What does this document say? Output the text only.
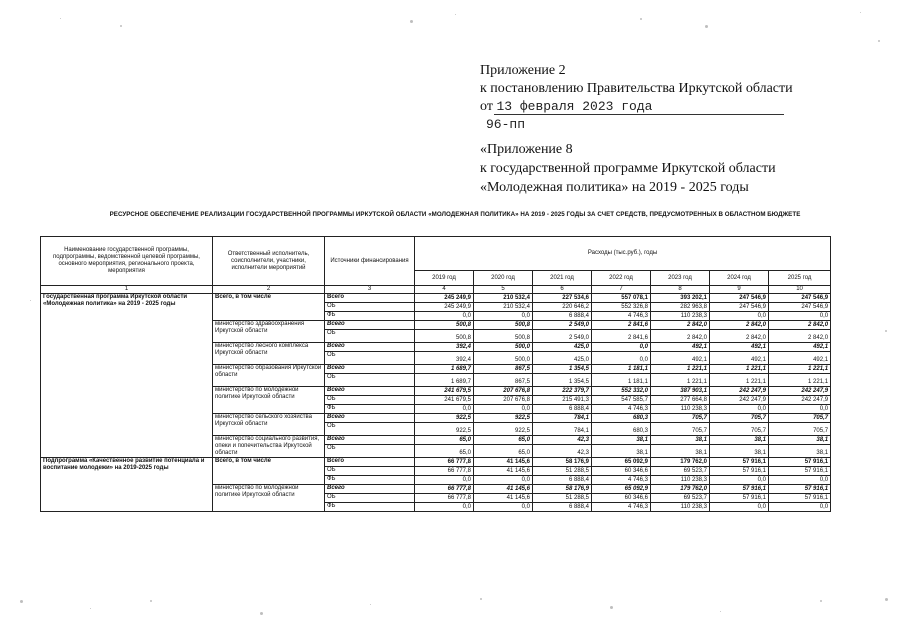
Приложение 2
к постановлению Правительства Иркутской области
от 13 февраля 2023 года
96-пп
«Приложение 8
к государственной программе Иркутской области
«Молодежная политика» на 2019 - 2025 годы
РЕСУРСНОЕ ОБЕСПЕЧЕНИЕ РЕАЛИЗАЦИИ ГОСУДАРСТВЕННОЙ ПРОГРАММЫ ИРКУТСКОЙ ОБЛАСТИ «МОЛОДЕЖНАЯ ПОЛИТИКА» НА 2019 - 2025 ГОДЫ ЗА СЧЕТ СРЕДСТВ, ПРЕДУСМОТРЕННЫХ В ОБЛАСТНОМ БЮДЖЕТЕ
Наименование государственной программы, подпрограммы, ведомственной целевой программы, основного мероприятия, регионального проекта, мероприятия	Ответственный исполнитель, соисполнители, участники, исполнители мероприятий	Источники финансирования	Расходы (тыс.руб.), годы						
			2019 год	2020 год	2021 год	2022 год	2023 год	2024 год	2025 год
1	2	3	4	5	6	7	8	9	10
Государственная программа Иркутской области «Молодежная политика» на 2019 - 2025 годы	Всего, в том числе	Всего	245 249,9	210 532,4	227 534,6	557 078,1	393 202,1	247 546,9	247 546,9
		ОБ	245 249,9	210 532,4	220 646,2	552 326,8	282 963,8	247 546,9	247 546,9
		ФБ	0,0	0,0	6 888,4	4 746,3	110 238,3	0,0	0,0
	министерство здравоохранения Иркутской области	Всего	500,8	500,8	2 549,0	2 841,6	2 842,0	2 842,0	2 842,0
		ОБ	500,8	500,8	2 549,0	2 841,6	2 842,0	2 842,0	2 842,0
	министерство лесного комплекса Иркутской области	Всего	392,4	500,0	425,0	0,0	492,1	492,1	492,1
		ОБ	392,4	500,0	425,0	0,0	492,1	492,1	492,1
	министерство образования Иркутской области	Всего	1 689,7	867,5	1 354,5	1 181,1	1 221,1	1 221,1	1 221,1
		ОБ	1 689,7	867,5	1 354,5	1 181,1	1 221,1	1 221,1	1 221,1
	министерство по молодежной политике Иркутской области	Всего	241 679,5	207 676,8	222 379,7	552 332,0	387 903,1	242 247,9	242 247,9
		ОБ	241 679,5	207 676,8	215 491,3	547 585,7	277 664,8	242 247,9	242 247,9
		ФБ	0,0	0,0	6 888,4	4 746,3	110 238,3	0,0	0,0
	министерство сельского хозяйства Иркутской области	Всего	922,5	922,5	784,1	680,3	705,7	705,7	705,7
		ОБ	922,5	922,5	784,1	680,3	705,7	705,7	705,7
	министерство социального развития, опеки и попечительства Иркутской области	Всего	65,0	65,0	42,3	38,1	38,1	38,1	38,1
		ОБ	65,0	65,0	42,3	38,1	38,1	38,1	38,1
Подпрограмма «Качественное развитие потенциала и воспитание молодежи» на 2019-2025 годы	Всего, в том числе	Всего	66 777,8	41 145,6	58 176,9	65 092,9	179 762,0	57 916,1	57 916,1
		ОБ	66 777,8	41 145,6	51 288,5	60 346,6	69 523,7	57 916,1	57 916,1
		ФБ	0,0	0,0	6 888,4	4 746,3	110 238,3	0,0	0,0
	министерство по молодежной политике Иркутской области	Всего	66 777,8	41 145,6	58 176,9	65 092,9	179 762,0	57 916,1	57 916,1
		ОБ	66 777,8	41 145,6	51 288,5	60 346,6	69 523,7	57 916,1	57 916,1
		ФБ	0,0	0,0	6 888,4	4 746,3	110 238,3	0,0	0,0
